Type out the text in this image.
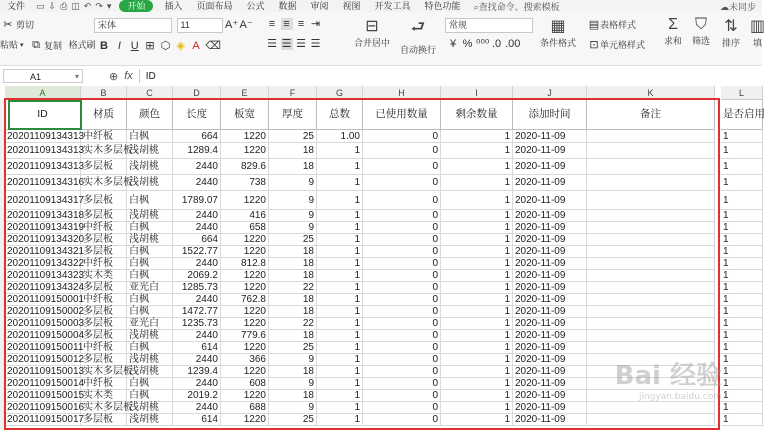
文件	▭ ⇩ ⎙ ◫ ↶ ↷ ▾	开始	插入	页面布局	公式	数据	审阅	视图	开发工具	特色功能	⌕查找命令、搜索模板	☁未同步
✂ 剪切
粘贴 ▾
⧉ 复制
格式刷
宋体	11	A⁺ A⁻
B I U ⊞ ⬡ ◈ A ⌫
≡ ≡ ≡ ⇥
☰ ☰ ☰ ☰
⊟
合并居中
⮐
自动换行
常规
¥ % ⁰⁰⁰ .0 .00
▦
条件格式
▤表格样式
⊡单元格样式
Σ
求和
⛉
筛选
⇅
排序
▥
填
A1	▾	⊕ fx ID
A	B	C	D	E	F	G	H	I	J	K	L
ID	材质	颜色	长度	板宽	厚度	总数	已使用数量	剩余数量	添加时间	备注	是否启用
20201109134313
中纤板	白枫	664	1220	25	1.00	0	1 2020-11-09	1
20201109134313
实木多层板
浅胡桃	1289.4	1220	18	1	0	1 2020-11-09	1
20201109134313
多层板	浅胡桃	2440	829.6	18	1	0	1 2020-11-09	1
20201109134316
实木多层板
浅胡桃	2440	738	9	1	0	1 2020-11-09	1
20201109134317
多层板	白枫	1789.07	1220	9	1	0	1 2020-11-09	1
20201109134318
多层板	浅胡桃	2440	416	9	1	0	1 2020-11-09	1
20201109134319
中纤板	白枫	2440	658	9	1	0	1 2020-11-09	1
20201109134320
多层板	浅胡桃	664	1220	25	1	0	1 2020-11-09	1
20201109134321
多层板	白枫	1522.77	1220	18	1	0	1 2020-11-09	1
20201109134322
中纤板	白枫	2440	812.8	18	1	0	1 2020-11-09	1
20201109134323
实木类	白枫	2069.2	1220	18	1	0	1 2020-11-09	1
20201109134324
多层板	亚光白	1285.73	1220	22	1	0	1 2020-11-09	1
20201109150001
中纤板	白枫	2440	762.8	18	1	0	1 2020-11-09	1
20201109150002
多层板	白枫	1472.77	1220	18	1	0	1 2020-11-09	1
20201109150003
多层板	亚光白	1235.73	1220	22	1	0	1 2020-11-09	1
20201109150004
多层板	浅胡桃	2440	779.6	18	1	0	1 2020-11-09	1
20201109150011 中纤板	白枫	614	1220	25	1	0	1 2020-11-09	1
20201109150012
多层板	浅胡桃	2440	366	9	1	0	1 2020-11-09	1
20201109150013
实木多层板
浅胡桃	1239.4	1220	18	1	0	1 2020-11-09	1
20201109150014
中纤板	白枫	2440	608	9	1	0	1 2020-11-09	1
20201109150015
实木类	白枫	2019.2	1220	18	1	0	1 2020-11-09	1
20201109150016
实木多层板
浅胡桃	2440	688	9	1	0	1 2020-11-09	1
20201109150017
多层板	浅胡桃	614	1220	25	1	0	1 2020-11-09	1
Bai 经验
jingyan.baidu.com
